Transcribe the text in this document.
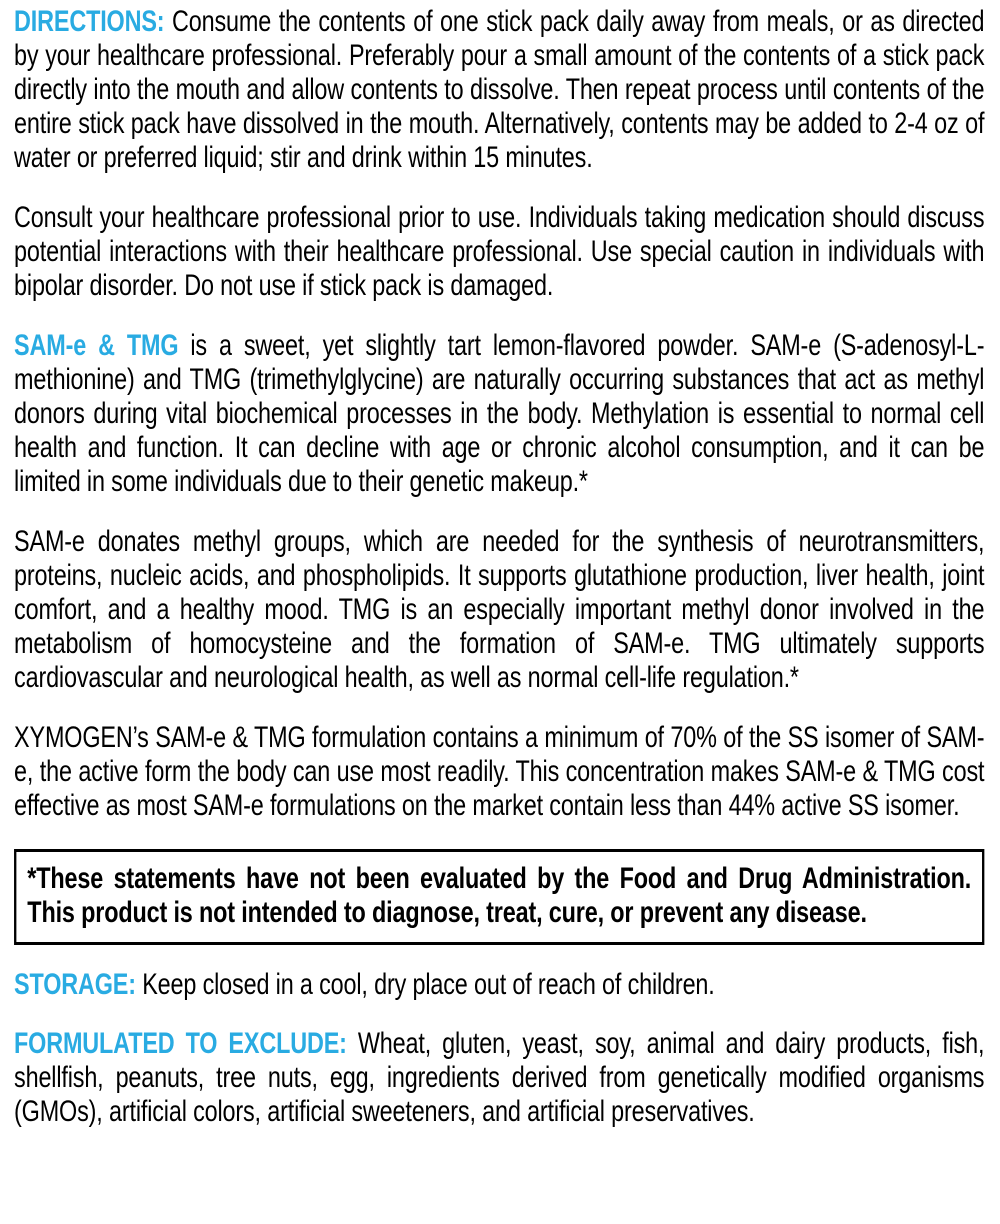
DIRECTIONS: Consume the contents of one stick pack daily away from meals, or as directed by your healthcare professional. Preferably pour a small amount of the contents of a stick pack directly into the mouth and allow contents to dissolve. Then repeat process until contents of the entire stick pack have dissolved in the mouth. Alternatively, contents may be added to 2-4 oz of water or preferred liquid; stir and drink within 15 minutes.

Consult your healthcare professional prior to use. Individuals taking medication should discuss potential interactions with their healthcare professional. Use special caution in individuals with bipolar disorder. Do not use if stick pack is damaged.

SAM-e & TMG is a sweet, yet slightly tart lemon-flavored powder. SAM-e (S-adenosyl-L-methionine) and TMG (trimethylglycine) are naturally occurring substances that act as methyl donors during vital biochemical processes in the body. Methylation is essential to normal cell health and function. It can decline with age or chronic alcohol consumption, and it can be limited in some individuals due to their genetic makeup.*

SAM-e donates methyl groups, which are needed for the synthesis of neurotransmitters, proteins, nucleic acids, and phospholipids. It supports glutathione production, liver health, joint comfort, and a healthy mood. TMG is an especially important methyl donor involved in the metabolism of homocysteine and the formation of SAM-e. TMG ultimately supports cardiovascular and neurological health, as well as normal cell-life regulation.*

XYMOGEN’s SAM-e & TMG formulation contains a minimum of 70% of the SS isomer of SAM-e, the active form the body can use most readily. This concentration makes SAM-e & TMG cost effective as most SAM-e formulations on the market contain less than 44% active SS isomer.

*These statements have not been evaluated by the Food and Drug Administration. This product is not intended to diagnose, treat, cure, or prevent any disease.

STORAGE: Keep closed in a cool, dry place out of reach of children.

FORMULATED TO EXCLUDE: Wheat, gluten, yeast, soy, animal and dairy products, fish, shellfish, peanuts, tree nuts, egg, ingredients derived from genetically modified organisms (GMOs), artificial colors, artificial sweeteners, and artificial preservatives.
